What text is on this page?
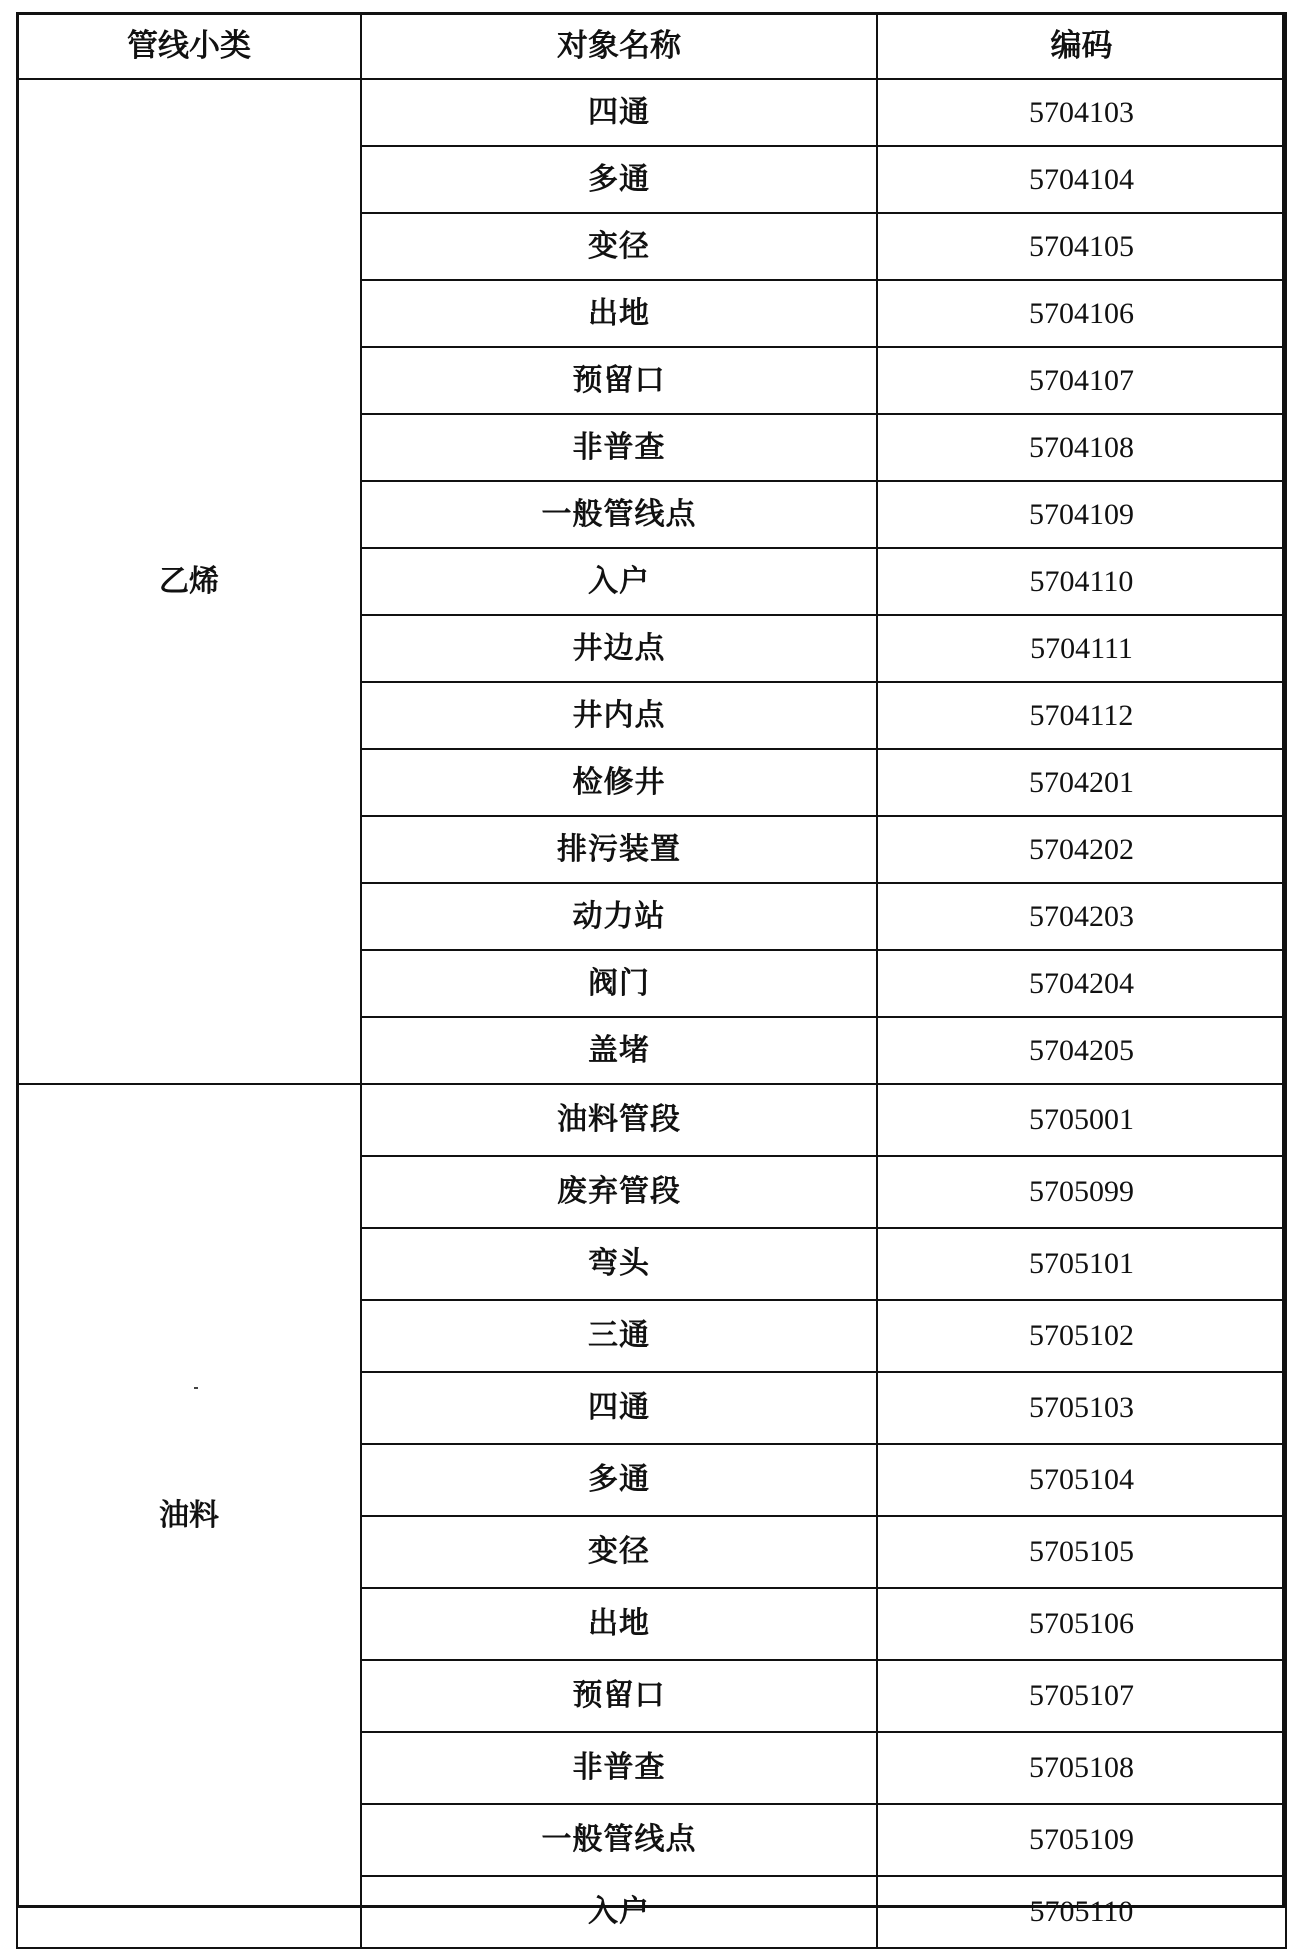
管线小类	对象名称	编码
乙烯	四通	5704103
	多通	5704104
	变径	5704105
	出地	5704106
	预留口	5704107
	非普查	5704108
	一般管线点	5704109
	入户	5704110
	井边点	5704111
	井内点	5704112
	检修井	5704201
	排污装置	5704202
	动力站	5704203
	阀门	5704204
	盖堵	5704205
油料	油料管段	5705001
	废弃管段	5705099
	弯头	5705101
	三通	5705102
	四通	5705103
	多通	5705104
	变径	5705105
	出地	5705106
	预留口	5705107
	非普查	5705108
	一般管线点	5705109
	入户	5705110
